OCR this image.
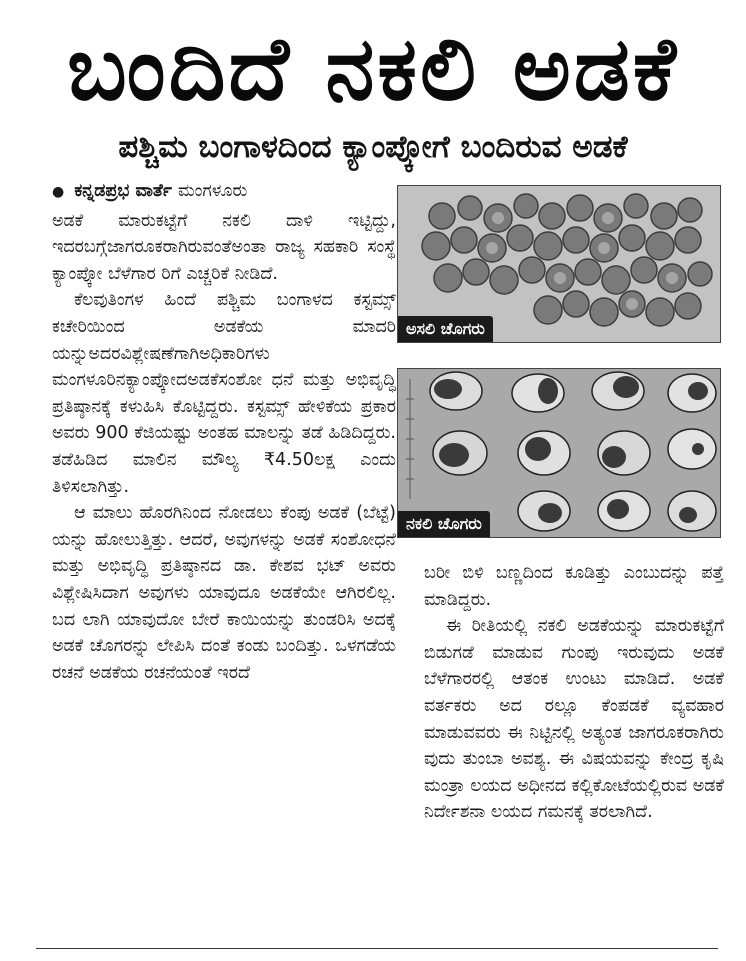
ಬಂದಿದೆ ನಕಲಿ ಅಡಕೆ
ಪಶ್ಚಿಮ ಬಂಗಾಳದಿಂದ ಕ್ಯಾಂಪ್ಕೋಗೆ ಬಂದಿರುವ ಅಡಕೆ
● ಕನ್ನಡಪ್ರಭ ವಾರ್ತೆ ಮಂಗಳೂರು

ಅಡಕೆ ಮಾರುಕಟ್ಟೆಗೆ ನಕಲಿ ದಾಳಿ ಇಟ್ಟಿದ್ದು, ಇದರಬಗ್ಗೆಜಾಗರೂಕರಾಗಿರುವಂತೆಅಂತಾ ರಾಜ್ಯ ಸಹಕಾರಿ ಸಂಸ್ಥೆ ಕ್ಯಾಂಪ್ಕೋ ಬೆಳೆಗಾರ ರಿಗೆ ಎಚ್ಚರಿಕೆ ನೀಡಿದೆ.

ಕೆಲವುತಿಂಗಳ ಹಿಂದೆ ಪಶ್ಚಿಮ ಬಂಗಾಳದ ಕಸ್ಟಮ್ಸ್ ಕಚೇರಿಯಿಂದ ಅಡಕೆಯ ಮಾದರಿ ಯನ್ನುಅದರವಿಶ್ಲೇಷಣೆಗಾಗಿಅಧಿಕಾರಿಗಳು ಮಂಗಳೂರಿನಕ್ಯಾಂಪ್ಕೋದಅಡಕೆಸಂಶೋ ಧನೆ ಮತ್ತು ಅಭಿವೃದ್ಧಿ ಪ್ರತಿಷ್ಠಾನಕ್ಕೆ ಕಳುಹಿಸಿ ಕೊಟ್ಟಿದ್ದರು. ಕಸ್ಟಮ್ಸ್ ಹೇಳಿಕೆಯ ಪ್ರಕಾರ ಅವರು 900 ಕೆಜಿಯಷ್ಟು ಅಂತಹ ಮಾಲನ್ನು ತಡೆ ಹಿಡಿದಿದ್ದರು. ತಡೆಹಿಡಿದ ಮಾಲಿನ ಮೌಲ್ಯ ₹4.50ಲಕ್ಷ ಎಂದು ತಿಳಿಸಲಾಗಿತ್ತು.

ಆ ಮಾಲು ಹೊರಗಿನಿಂದ ನೋಡಲು ಕೆಂಪು ಅಡಕೆ (ಬೆಟ್ಟೆ) ಯನ್ನು ಹೋಲುತ್ತಿತ್ತು. ಆದರೆ, ಅವುಗಳನ್ನು ಅಡಕೆ ಸಂಶೋಧನೆ ಮತ್ತು ಅಭಿವೃದ್ಧಿ ಪ್ರತಿಷ್ಠಾನದ ಡಾ. ಕೇಶವ ಭಟ್ ಅವರು ವಿಶ್ಲೇಷಿಸಿದಾಗ ಅವುಗಳು ಯಾವುದೂ ಅಡಕೆಯೇ ಆಗಿರಲಿಲ್ಲ. ಬದ ಲಾಗಿ ಯಾವುದೋ ಬೇರೆ ಕಾಯಿಯನ್ನು ತುಂಡರಿಸಿ ಅದಕ್ಕೆ ಅಡಕೆ ಚೊಗರನ್ನು ಲೇಪಿಸಿ ದಂತೆ ಕಂಡು ಬಂದಿತ್ತು. ಒಳಗಡೆಯ ರಚನೆ ಅಡಕೆಯ ರಚನೆಯಂತೆ ಇರದೆ

ಅಸಲಿ ಚೊಗರು
ನಕಲಿ ಚೊಗರು

ಬರೀ ಬಿಳಿ ಬಣ್ಣದಿಂದ ಕೂಡಿತ್ತು ಎಂಬುದನ್ನು ಪತ್ತೆ ಮಾಡಿದ್ದರು.

ಈ ರೀತಿಯಲ್ಲಿ ನಕಲಿ ಅಡಕೆಯನ್ನು ಮಾರುಕಟ್ಟೆಗೆ ಬಿಡುಗಡೆ ಮಾಡುವ ಗುಂಪು ಇರುವುದು ಅಡಕೆ ಬೆಳೆಗಾರರಲ್ಲಿ ಆತಂಕ ಉಂಟು ಮಾಡಿದೆ. ಅಡಕೆ ವರ್ತಕರು ಅದ ರಲ್ಲೂ ಕೆಂಪಡಕೆ ವ್ಯವಹಾರ ಮಾಡುವವರು ಈ ನಿಟ್ಟಿನಲ್ಲಿ ಅತ್ಯಂತ ಜಾಗರೂಕರಾಗಿರು ವುದು ತುಂಬಾ ಅವಶ್ಯ. ಈ ವಿಷಯವನ್ನು ಕೇಂದ್ರ ಕೃಷಿ ಮಂತ್ರಾ ಲಯದ ಅಧೀನದ ಕಲ್ಲಿಕೋಟೆಯಲ್ಲಿರುವ ಅಡಕೆ ನಿರ್ದೇಶನಾ ಲಯದ ಗಮನಕ್ಕೆ ತರಲಾಗಿದೆ.
